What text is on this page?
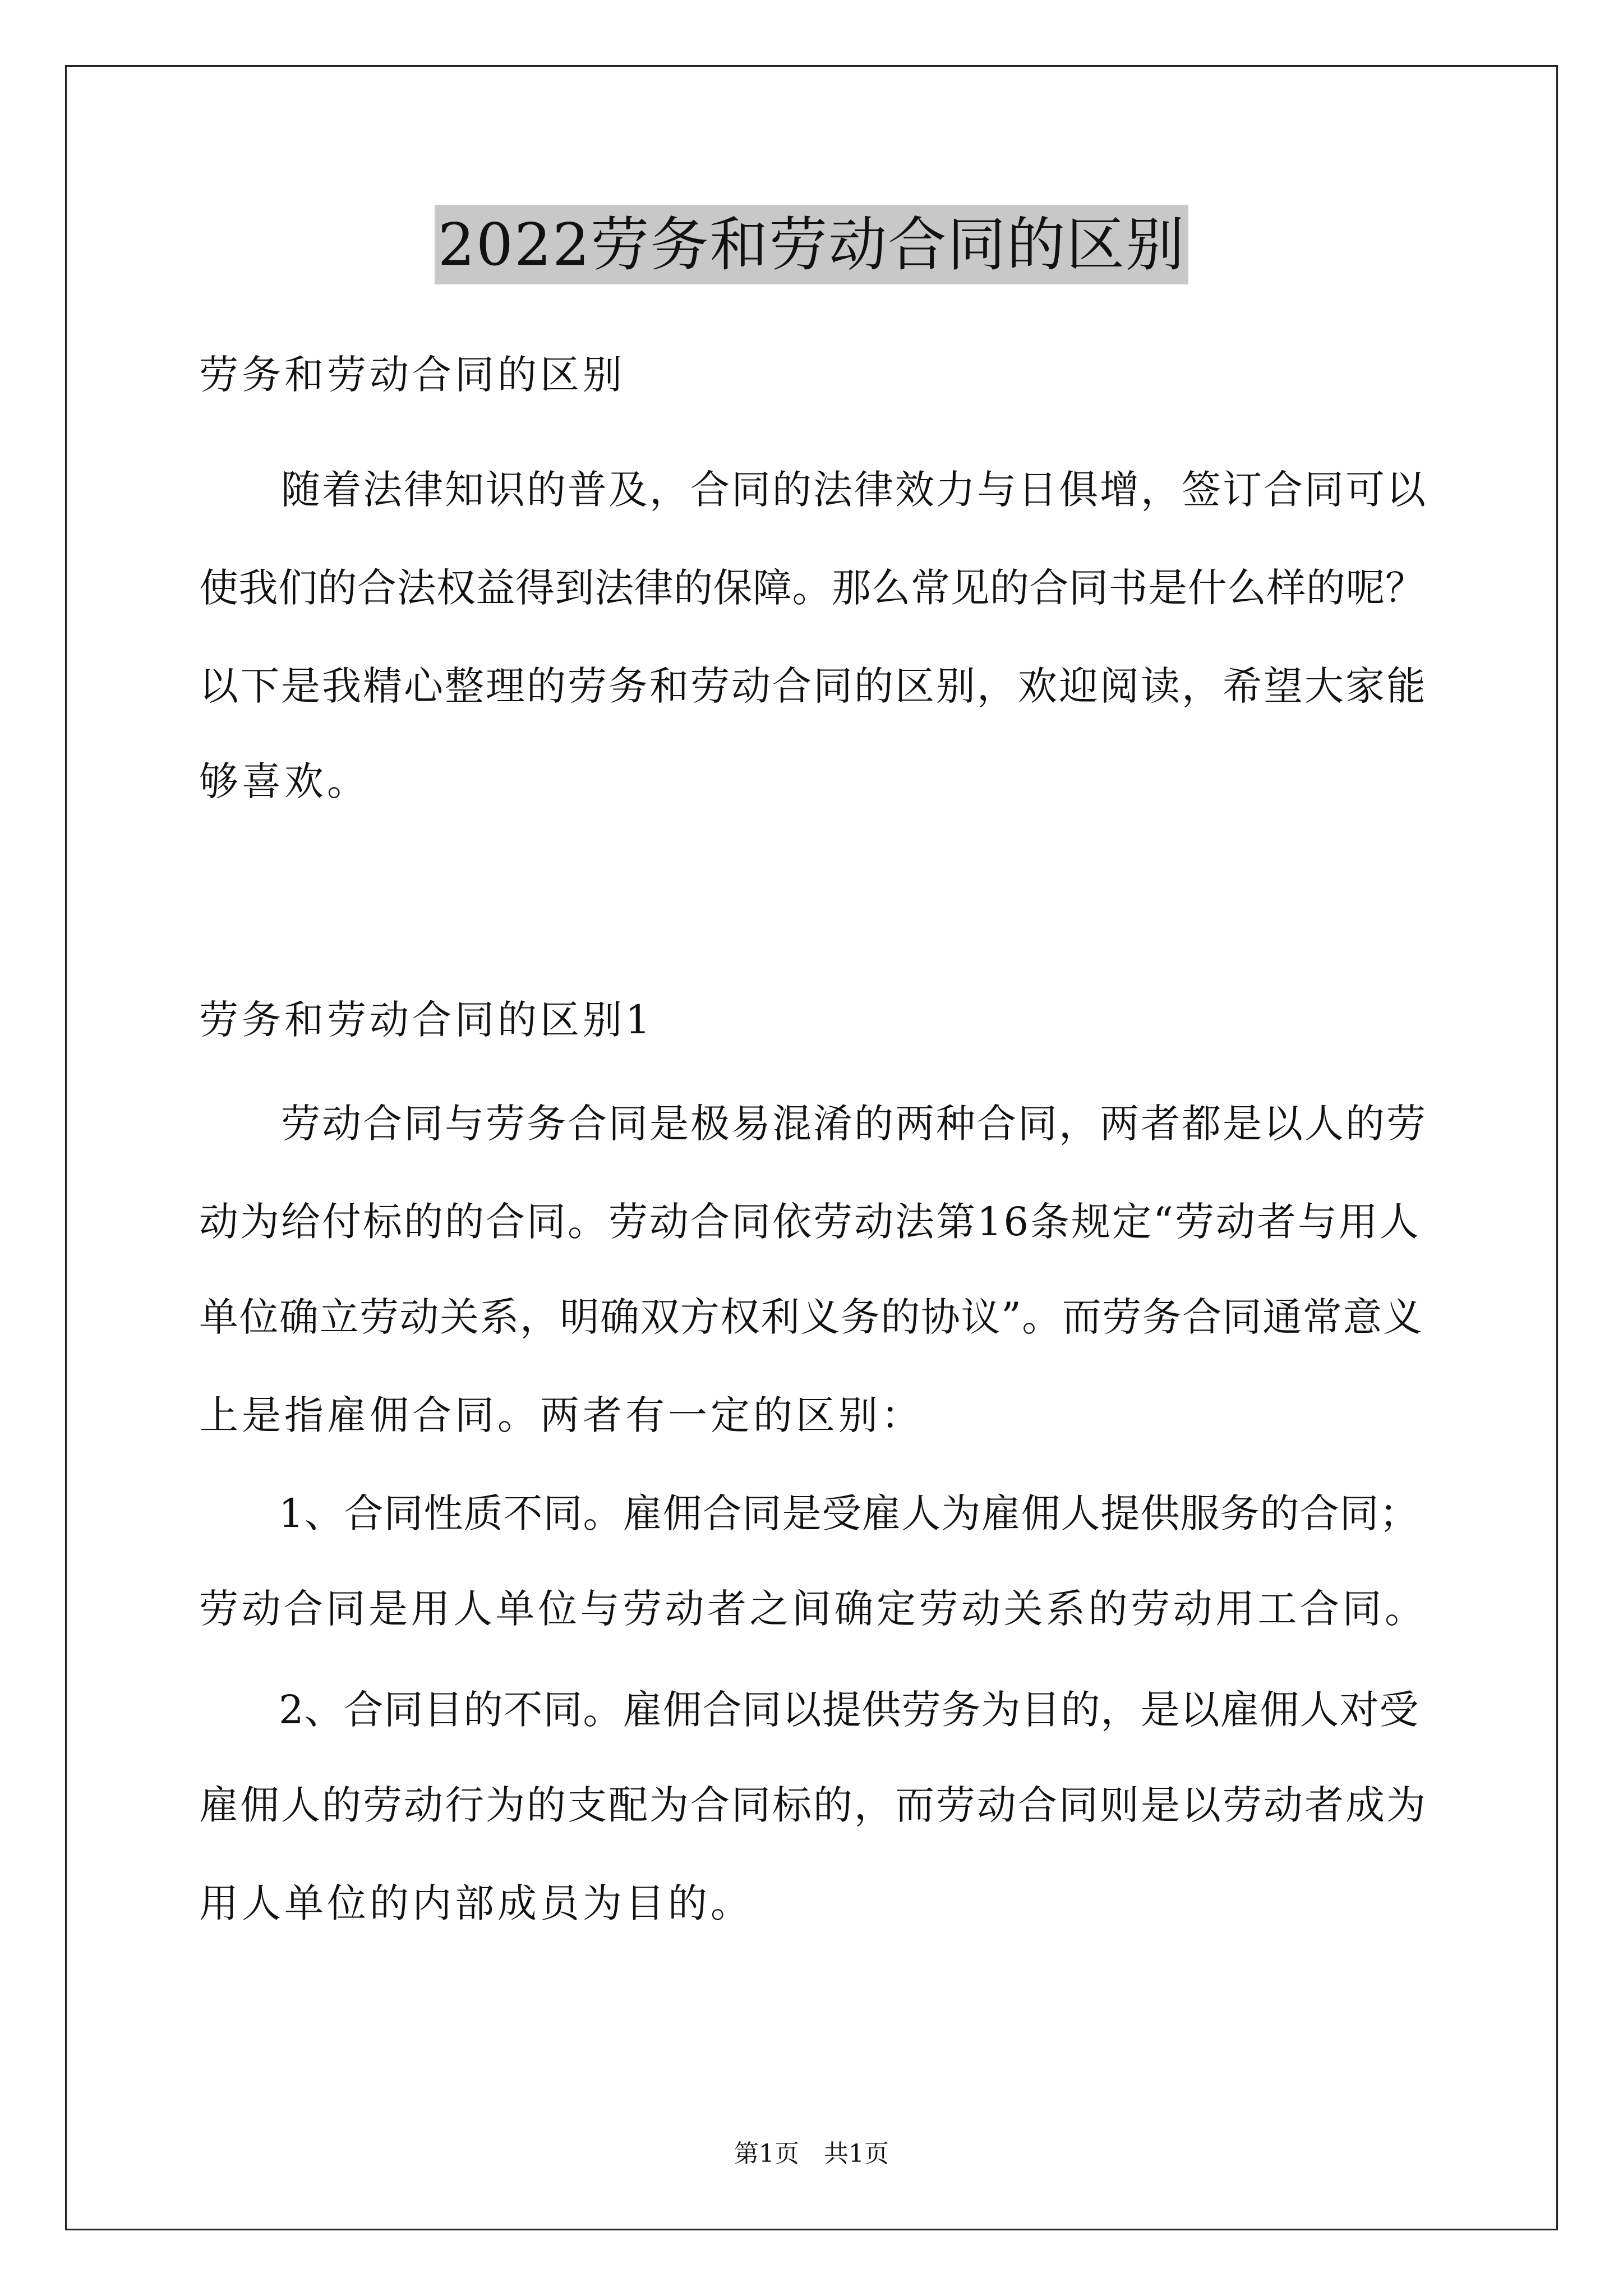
2022劳务和劳动合同的区别
劳务和劳动合同的区别
　　随着法律知识的普及，合同的法律效力与日俱增，签订合同可以
使我们的合法权益得到法律的保障。那么常见的合同书是什么样的呢？
以下是我精心整理的劳务和劳动合同的区别，欢迎阅读，希望大家能
够喜欢。
劳务和劳动合同的区别1
　　劳动合同与劳务合同是极易混淆的两种合同，两者都是以人的劳
动为给付标的的合同。劳动合同依劳动法第16条规定“劳动者与用人
单位确立劳动关系，明确双方权利义务的协议”。而劳务合同通常意义
上是指雇佣合同。两者有一定的区别：
　　1、合同性质不同。雇佣合同是受雇人为雇佣人提供服务的合同；
劳动合同是用人单位与劳动者之间确定劳动关系的劳动用工合同。
　　2、合同目的不同。雇佣合同以提供劳务为目的，是以雇佣人对受
雇佣人的劳动行为的支配为合同标的，而劳动合同则是以劳动者成为
用人单位的内部成员为目的。
第1页　共1页
